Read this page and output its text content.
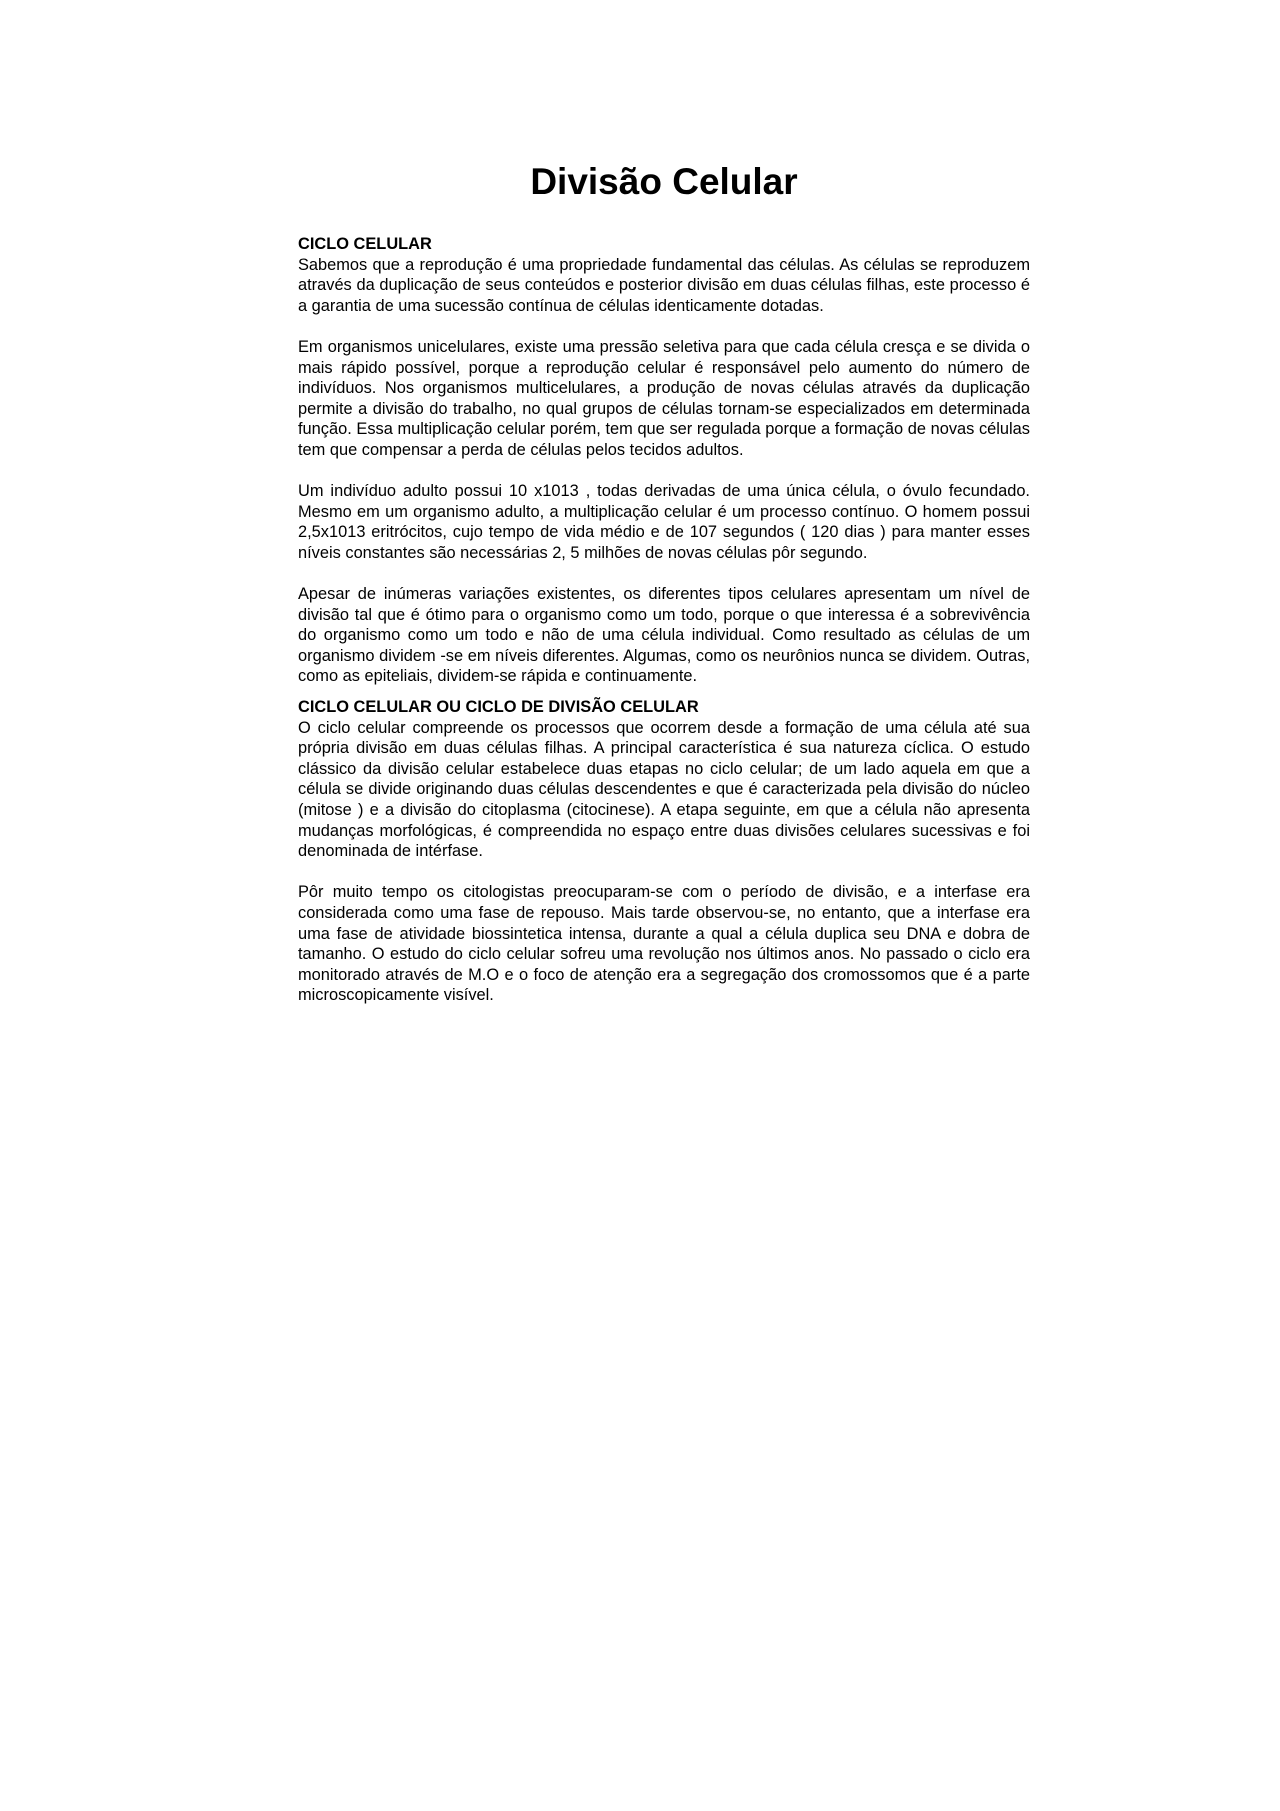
Divisão Celular

CICLO CELULAR

Sabemos que a reprodução é uma propriedade fundamental das células. As células se reproduzem através da duplicação de seus conteúdos e posterior divisão em duas células filhas, este processo é a garantia de uma sucessão contínua de células identicamente dotadas.

Em organismos unicelulares, existe uma pressão seletiva para que cada célula cresça e se divida o mais rápido possível, porque a reprodução celular é responsável pelo aumento do número de indivíduos. Nos organismos multicelulares, a produção de novas células através da duplicação permite a divisão do trabalho, no qual grupos de células tornam-se especializados em determinada função. Essa multiplicação celular porém, tem que ser regulada porque a formação de novas células tem que compensar a perda de células pelos tecidos adultos.

Um indivíduo adulto possui 10 x1013 , todas derivadas de uma única célula, o óvulo fecundado. Mesmo em um organismo adulto, a multiplicação celular é um processo contínuo. O homem possui 2,5x1013 eritrócitos, cujo tempo de vida médio e de 107 segundos ( 120 dias ) para manter esses níveis constantes são necessárias 2, 5 milhões de novas células pôr segundo.

Apesar de inúmeras variações existentes, os diferentes tipos celulares apresentam um nível de divisão tal que é ótimo para o organismo como um todo, porque o que interessa é a sobrevivência do organismo como um todo e não de uma célula individual. Como resultado as células de um organismo dividem -se em níveis diferentes. Algumas, como os neurônios nunca se dividem. Outras, como as epiteliais, dividem-se rápida e continuamente.

CICLO CELULAR OU CICLO DE DIVISÃO CELULAR

O ciclo celular compreende os processos que ocorrem desde a formação de uma célula até sua própria divisão em duas células filhas. A principal característica é sua natureza cíclica. O estudo clássico da divisão celular estabelece duas etapas no ciclo celular; de um lado aquela em que a célula se divide originando duas células descendentes e que é caracterizada pela divisão do núcleo (mitose ) e a divisão do citoplasma (citocinese). A etapa seguinte, em que a célula não apresenta mudanças morfológicas, é compreendida no espaço entre duas divisões celulares sucessivas e foi denominada de intérfase.

Pôr muito tempo os citologistas preocuparam-se com o período de divisão, e a interfase era considerada como uma fase de repouso. Mais tarde observou-se, no entanto, que a interfase era uma fase de atividade biossintetica intensa, durante a qual a célula duplica seu DNA e dobra de tamanho. O estudo do ciclo celular sofreu uma revolução nos últimos anos. No passado o ciclo era monitorado através de M.O e o foco de atenção era a segregação dos cromossomos que é a parte microscopicamente visível.
